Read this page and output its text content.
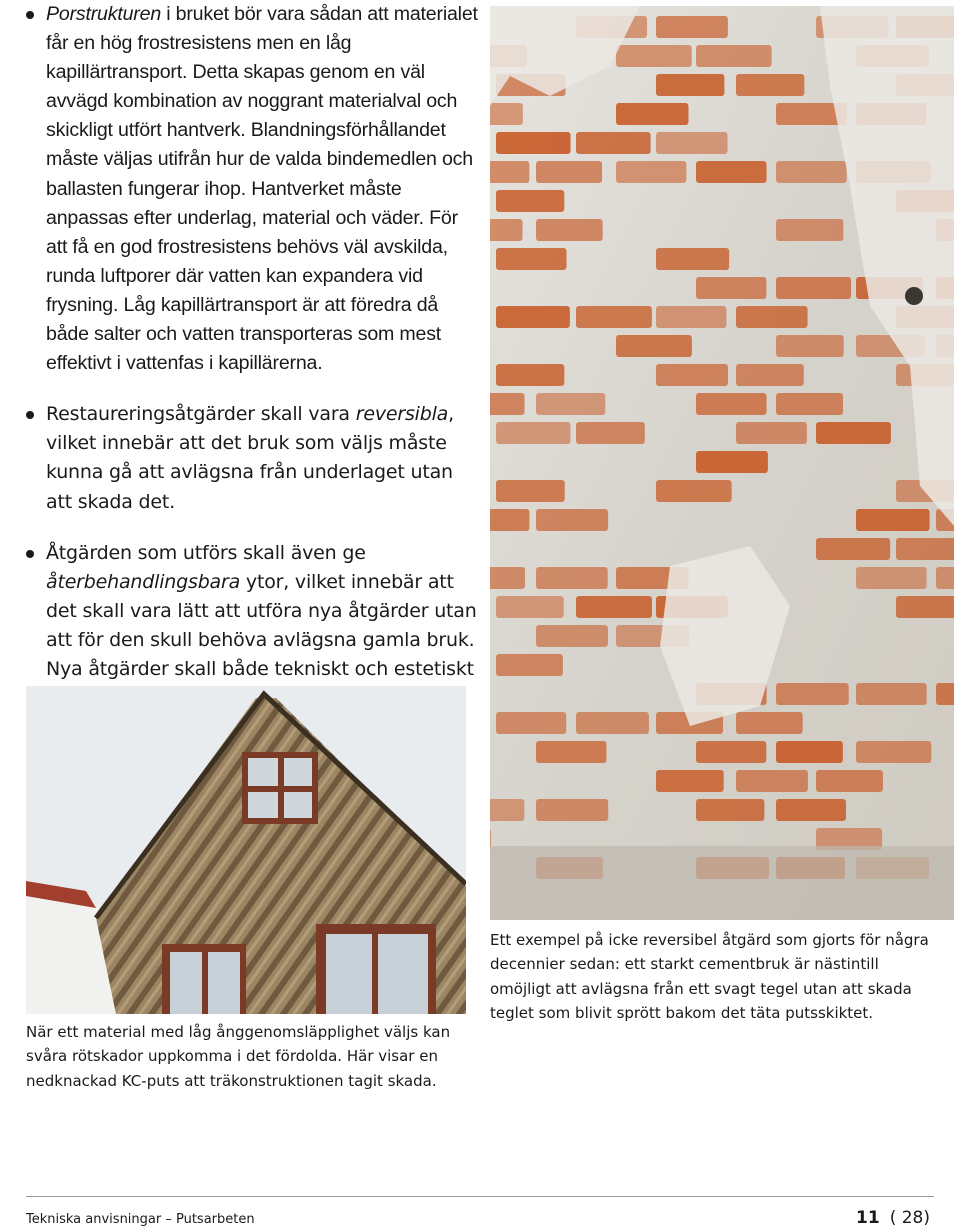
Porstrukturen i bruket bör vara sådan att materialet får en hög frostresistens men en låg kapillärtransport. Detta skapas genom en väl avvägd kombination av noggrant materialval och skickligt utfört hantverk. Blandningsförhållandet måste väljas utifrån hur de valda bindemedlen och ballasten fungerar ihop. Hantverket måste anpassas efter underlag, material och väder. För att få en god frostresistens behövs väl avskilda, runda luftporer där vatten kan expandera vid frysning. Låg kapillärtransport är att föredra då både salter och vatten transporteras som mest effektivt i vattenfas i kapillärerna.
Restaureringsåtgärder skall vara reversibla, vilket innebär att det bruk som väljs måste kunna gå att avlägsna från underlaget utan att skada det.
Åtgärden som utförs skall även ge återbehandlingsbara ytor, vilket innebär att det skall vara lätt att utföra nya åtgärder utan att för den skull behöva avlägsna gamla bruk. Nya åtgärder skall både tekniskt och estetiskt
När ett material med låg ånggenomsläpplighet väljs kan svåra rötskador uppkomma i det fördolda. Här visar en nedknackad KC-puts att träkonstruktionen tagit skada.
Ett exempel på icke reversibel åtgärd som gjorts för några decennier sedan: ett starkt cementbruk är nästintill omöjligt att avlägsna från ett svagt tegel utan att skada teglet som blivit sprött bakom det täta putsskiktet.
Tekniska anvisningar – Putsarbeten	11 ( 28)
